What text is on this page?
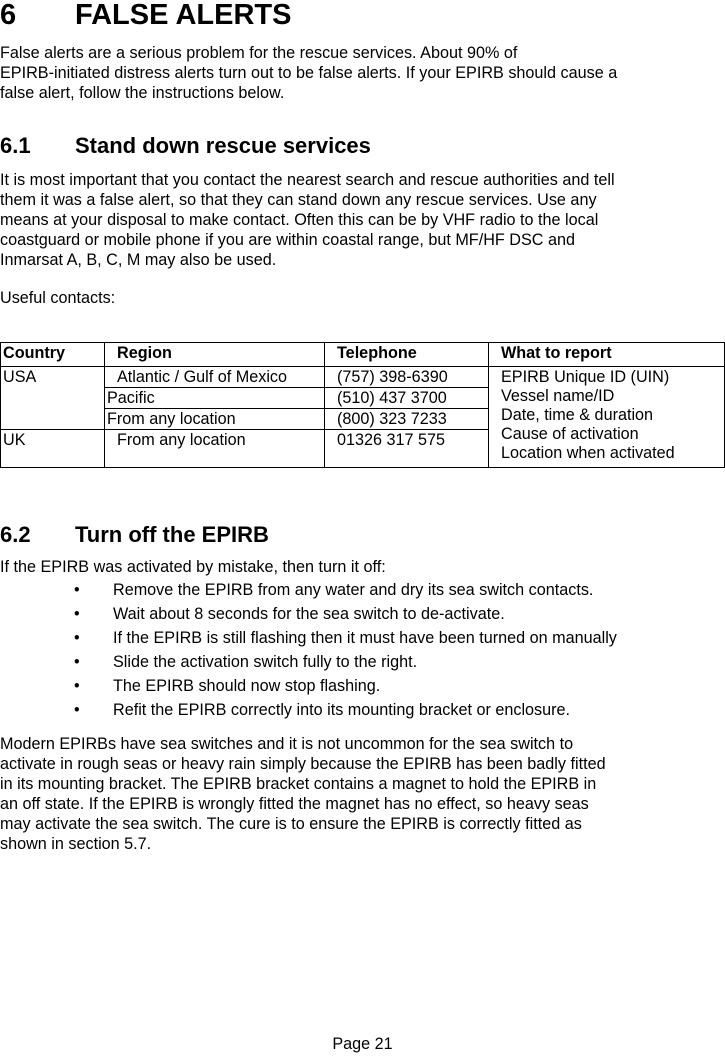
6 FALSE ALERTS
False alerts are a serious problem for the rescue services. About 90% of
EPIRB-initiated distress alerts turn out to be false alerts. If your EPIRB should cause a
false alert, follow the instructions below.
6.1 Stand down rescue services
It is most important that you contact the nearest search and rescue authorities and tell
them it was a false alert, so that they can stand down any rescue services. Use any
means at your disposal to make contact. Often this can be by VHF radio to the local
coastguard or mobile phone if you are within coastal range, but MF/HF DSC and
Inmarsat A, B, C, M may also be used.
Useful contacts:
Country	Region	Telephone	What to report
USA	Atlantic / Gulf of Mexico	(757) 398-6390	EPIRB Unique ID (UIN)
Vessel name/ID
Date, time & duration
Cause of activation
Location when activated

	Pacific	(510) 437 3700	
	From any location	(800) 323 7233	
UK	From any location	01326 317 575	
6.2 Turn off the EPIRB
If the EPIRB was activated by mistake, then turn it off:
• Remove the EPIRB from any water and dry its sea switch contacts.
• Wait about 8 seconds for the sea switch to de-activate.
• If the EPIRB is still flashing then it must have been turned on manually
• Slide the activation switch fully to the right.
• The EPIRB should now stop flashing.
• Refit the EPIRB correctly into its mounting bracket or enclosure.
Modern EPIRBs have sea switches and it is not uncommon for the sea switch to
activate in rough seas or heavy rain simply because the EPIRB has been badly fitted
in its mounting bracket. The EPIRB bracket contains a magnet to hold the EPIRB in
an off state. If the EPIRB is wrongly fitted the magnet has no effect, so heavy seas
may activate the sea switch. The cure is to ensure the EPIRB is correctly fitted as
shown in section 5.7.
Page 21
